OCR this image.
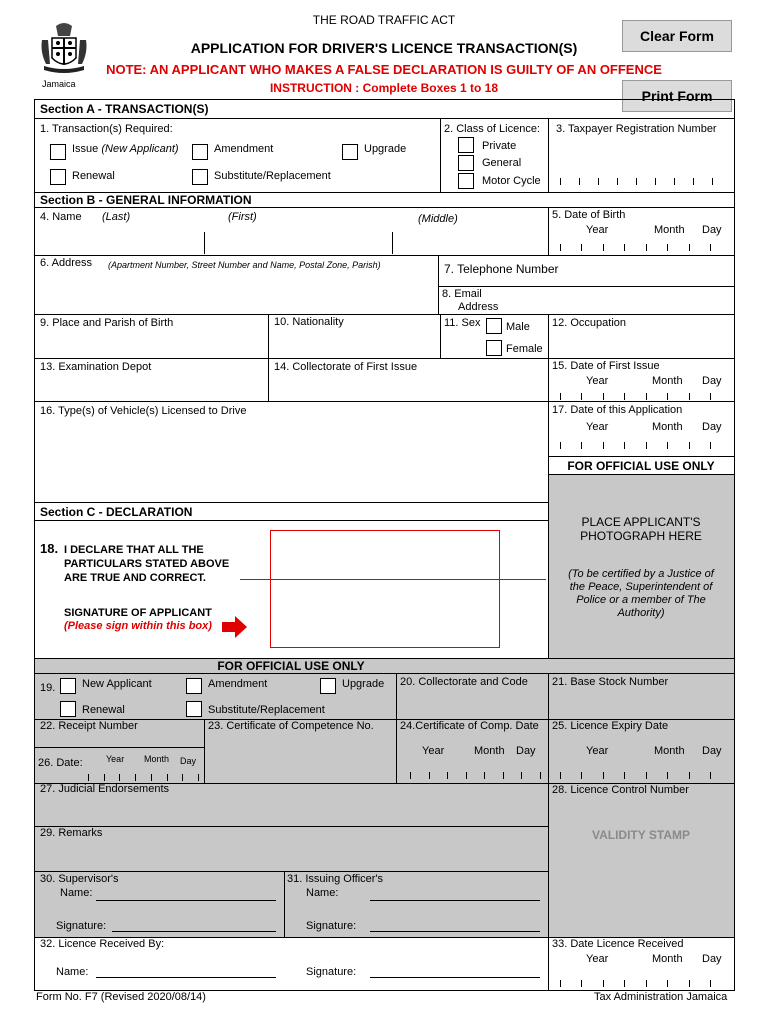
Jamaica
THE ROAD TRAFFIC ACT
APPLICATION FOR DRIVER'S LICENCE TRANSACTION(S)
NOTE: AN APPLICANT WHO MAKES A FALSE DECLARATION IS GUILTY OF AN OFFENCE
INSTRUCTION : Complete Boxes 1 to 18
Clear Form
Print Form
Section A - TRANSACTION(S)
1. Transaction(s) Required:
Issue (New Applicant)	Amendment	Upgrade
Renewal	Substitute/Replacement
2. Class of Licence:
Private
General
Motor Cycle
3. Taxpayer Registration Number
Section B - GENERAL INFORMATION
4. Name (Last)	(First)	(Middle)	5. Date of Birth
Year	Month Day
6. Address (Apartment Number, Street Number and Name, Postal Zone, Parish)	7. Telephone Number
8. Email
Address
9. Place and Parish of Birth	10. Nationality	11. Sex Male
Female
12. Occupation
13. Examination Depot	14. Collectorate of First Issue	15. Date of First Issue
Year	Month Day
16. Type(s) of Vehicle(s) Licensed to Drive	17. Date of this Application
Year	Month Day
FOR OFFICIAL USE ONLY
PLACE APPLICANT'S
PHOTOGRAPH HERE
(To be certified by a Justice of
the Peace, Superintendent of
Police or a member of The
Authority)
Section C - DECLARATION
18. I DECLARE THAT ALL THE
PARTICULARS STATED ABOVE
ARE TRUE AND CORRECT.
SIGNATURE OF APPLICANT
(Please sign within this box)
FOR OFFICIAL USE ONLY
19. New Applicant	Amendment	Upgrade
Renewal	Substitute/Replacement
20. Collectorate and Code 21. Base Stock Number
22. Receipt Number	23. Certificate of Competence No. 24.Certificate of Comp. Date 25. Licence Expiry Date
26. Date:	Year Month Day
Year	Month Day	Year	Month Day
27. Judicial Endorsements	28. Licence Control Number
29. Remarks	VALIDITY STAMP
30. Supervisor's
Name:
Signature:
31. Issuing Officer's
Name:
Signature:
32. Licence Received By:
Name:	Signature:
33. Date Licence Received
Year	Month Day
Form No. F7 (Revised 2020/08/14)	Tax Administration Jamaica
